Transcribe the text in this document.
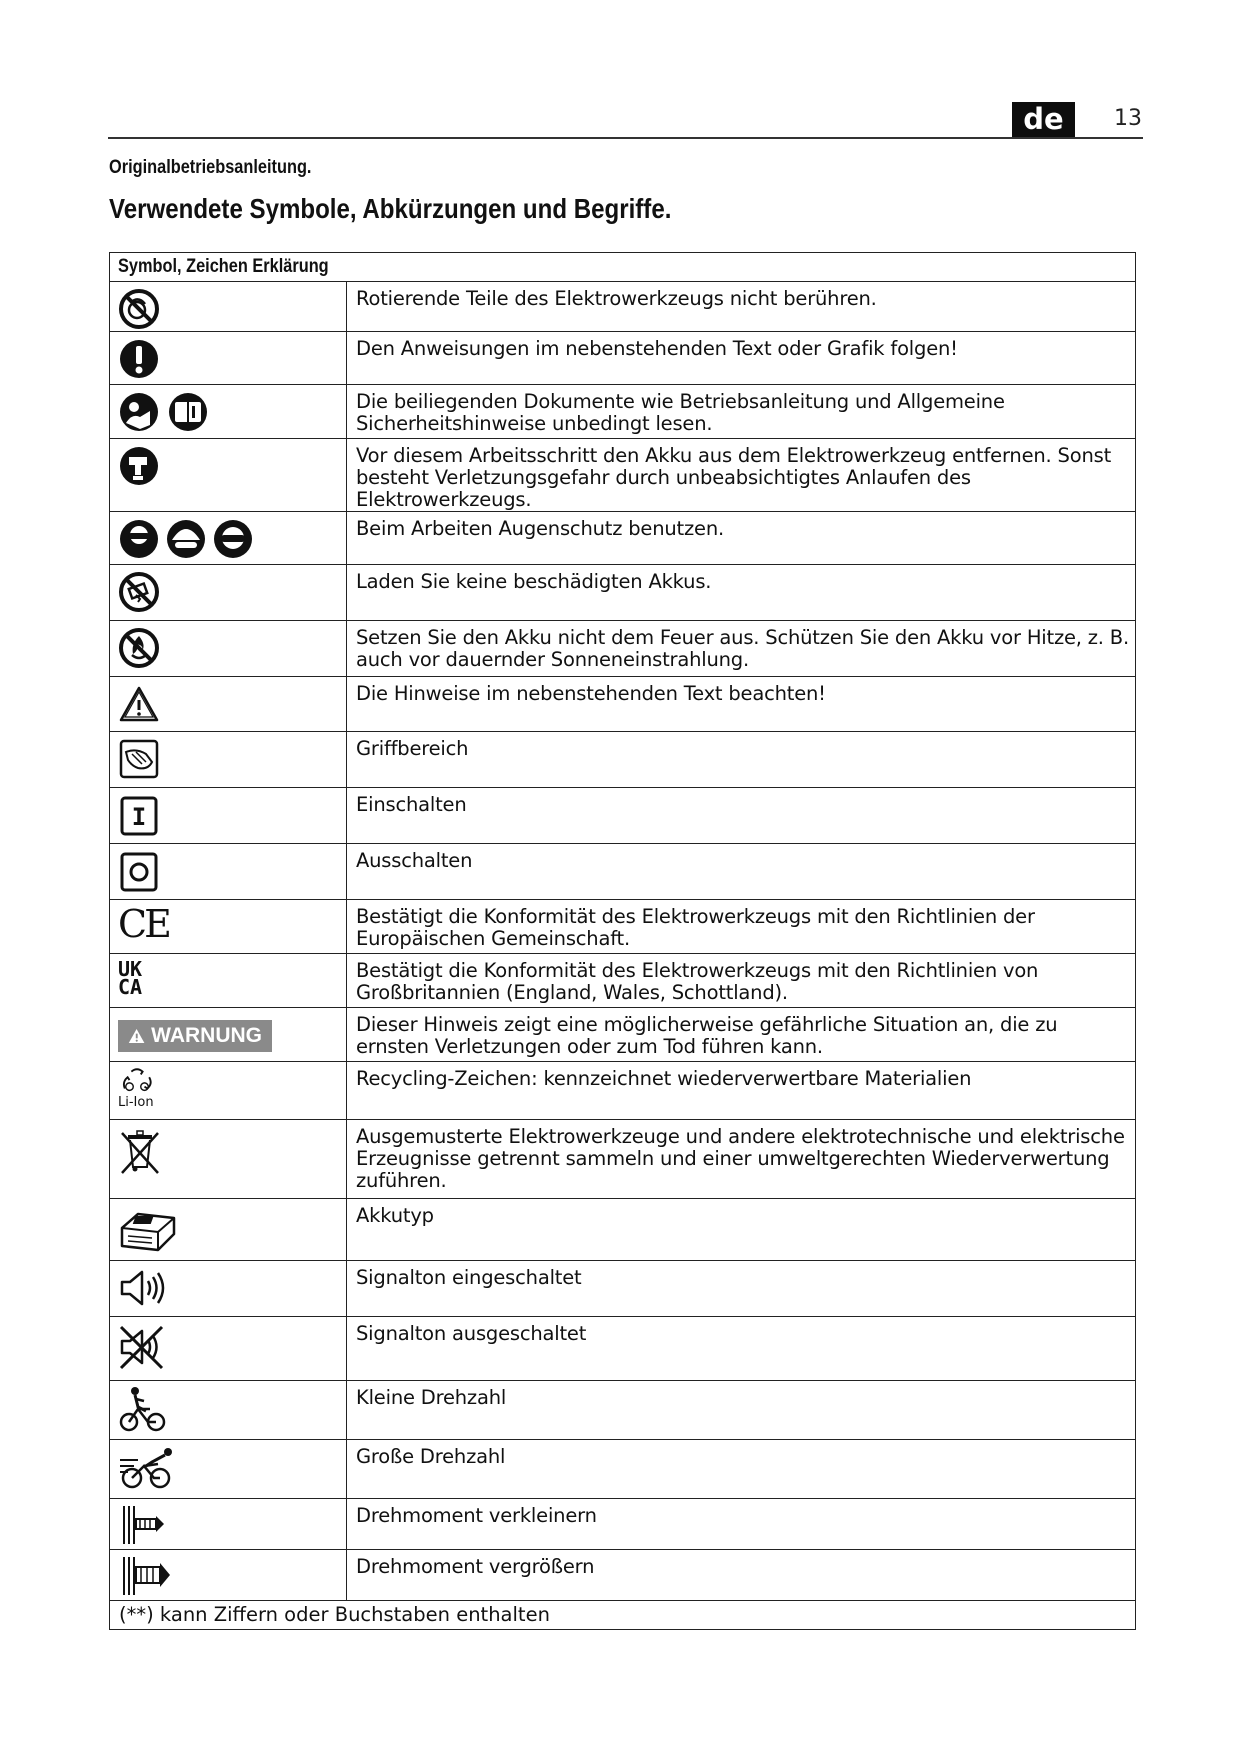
de	13
Originalbetriebsanleitung.
Verwendete Symbole, Abkürzungen und Begriffe.
Symbol, Zeichen Erklärung	

	Rotierende Teile des Elektrowerkzeugs nicht berühren.

	Den Anweisungen im nebenstehenden Text oder Grafik folgen!

	Die beiliegenden Dokumente wie Betriebsanleitung und Allgemeine Sicherheitshinweise unbedingt lesen.

	Vor diesem Arbeitsschritt den Akku aus dem Elektrowerkzeug entfernen. Sonst besteht Verletzungsgefahr durch unbeabsichtigtes Anlaufen des Elektrowerkzeugs.

	Beim Arbeiten Augenschutz benutzen.

	Laden Sie keine beschädigten Akkus.

	Setzen Sie den Akku nicht dem Feuer aus. Schützen Sie den Akku vor Hitze, z. B. auch vor dauernder Sonneneinstrahlung.

	Die Hinweise im nebenstehenden Text beachten!

	Griffbereich

I	Einschalten

	Ausschalten

CE	Bestätigt die Konformität des Elektrowerkzeugs mit den Richtlinien der Europäischen Gemeinschaft.

UK
CA	Bestätigt die Konformität des Elektrowerkzeugs mit den Richtlinien von Großbritannien (England, Wales, Schottland).

WARNUNG	Dieser Hinweis zeigt eine möglicherweise gefährliche Situation an, die zu ernsten Verletzungen oder zum Tod führen kann.

Li-Ion	Recycling-Zeichen: kennzeichnet wiederverwertbare Materialien

	Ausgemusterte Elektrowerkzeuge und andere elektrotechnische und elektrische Erzeugnisse getrennt sammeln und einer umweltgerechten Wiederverwertung zuführen.

	Akkutyp

	Signalton eingeschaltet

	Signalton ausgeschaltet

	Kleine Drehzahl

	Große Drehzahl

	Drehmoment verkleinern

	Drehmoment vergrößern
(**) kann Ziffern oder Buchstaben enthalten	
